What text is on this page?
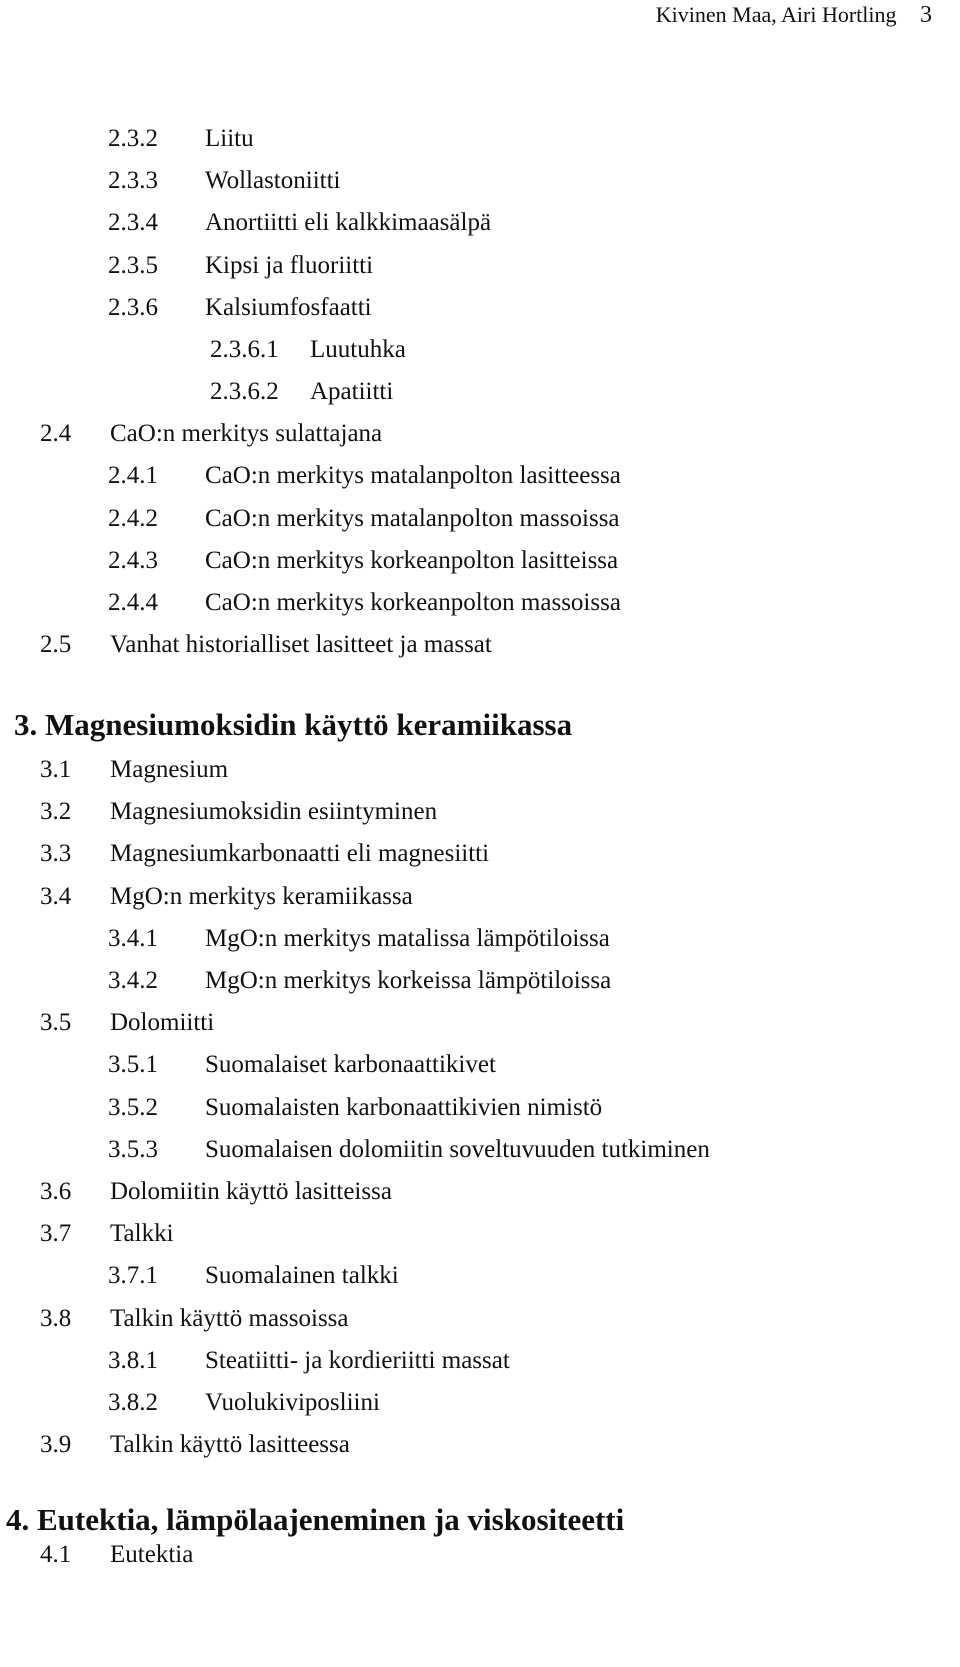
Kivinen Maa, Airi Hortling 3
2.3.2 Liitu
2.3.3 Wollastoniitti
2.3.4 Anortiitti eli kalkkimaasälpä
2.3.5 Kipsi ja fluoriitti
2.3.6 Kalsiumfosfaatti
2.3.6.1 Luutuhka
2.3.6.2 Apatiitti
2.4 CaO:n merkitys sulattajana
2.4.1 CaO:n merkitys matalanpolton lasitteessa
2.4.2 CaO:n merkitys matalanpolton massoissa
2.4.3 CaO:n merkitys korkeanpolton lasitteissa
2.4.4 CaO:n merkitys korkeanpolton massoissa
2.5 Vanhat historialliset lasitteet ja massat
3. Magnesiumoksidin käyttö keramiikassa
3.1 Magnesium
3.2 Magnesiumoksidin esiintyminen
3.3 Magnesiumkarbonaatti eli magnesiitti
3.4 MgO:n merkitys keramiikassa
3.4.1 MgO:n merkitys matalissa lämpötiloissa
3.4.2 MgO:n merkitys korkeissa lämpötiloissa
3.5 Dolomiitti
3.5.1 Suomalaiset karbonaattikivet
3.5.2 Suomalaisten karbonaattikivien nimistö
3.5.3 Suomalaisen dolomiitin soveltuvuuden tutkiminen
3.6 Dolomiitin käyttö lasitteissa
3.7 Talkki
3.7.1 Suomalainen talkki
3.8 Talkin käyttö massoissa
3.8.1 Steatiitti- ja kordieriitti massat
3.8.2 Vuolukiviposliini
3.9 Talkin käyttö lasitteessa
4. Eutektia, lämpölaajeneminen ja viskositeetti
4.1 Eutektia
